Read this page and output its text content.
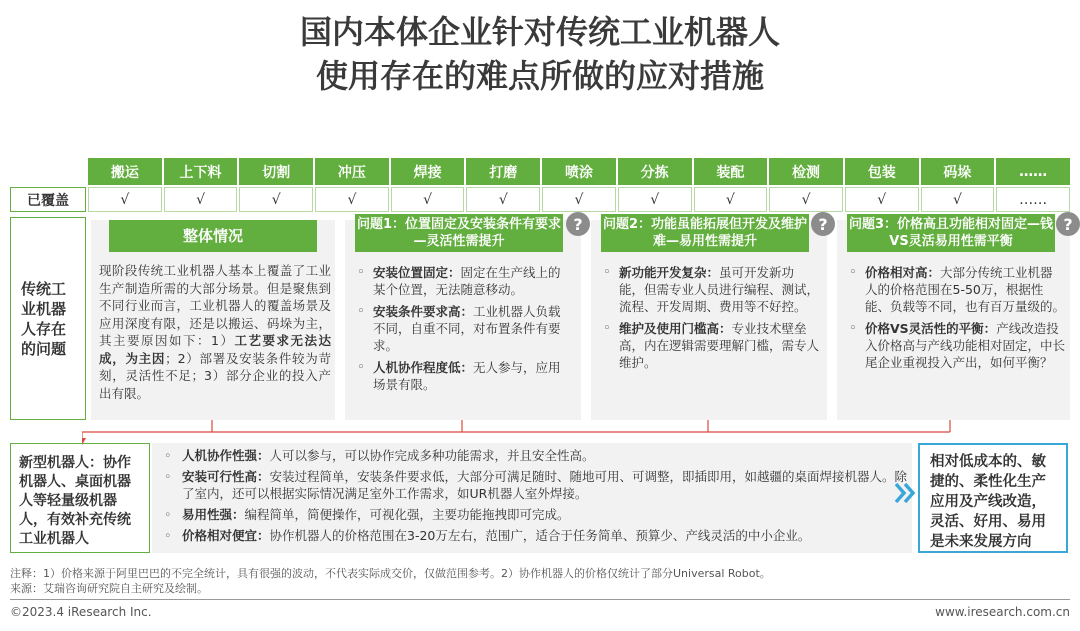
国内本体企业针对传统工业机器人
使用存在的难点所做的应对措施
搬运	上下料	切割	冲压	焊接	打磨	喷涂	分拣	装配	检测	包装	码垛	……
已覆盖	√	√	√	√	√	√	√	√	√	√	√	√	……
传统工业机器人存在的问题
整体情况
现阶段传统工业机器人基本上覆盖了工业生产制造所需的大部分场景。但是聚焦到不同行业而言，工业机器人的覆盖场景及应用深度有限，还是以搬运、码垛为主，其主要原因如下：1）工艺要求无法达成，为主因；2）部署及安装条件较为苛刻，灵活性不足；3）部分企业的投入产出有限。
问题1：位置固定及安装条件有要求—灵活性需提升
?
◦ 安装位置固定：固定在生产线上的某个位置，无法随意移动。
◦ 安装条件要求高：工业机器人负载不同，自重不同，对布置条件有要求。
◦ 人机协作程度低：无人参与，应用场景有限。
问题2：功能虽能拓展但开发及维护难—易用性需提升
?
◦ 新功能开发复杂：虽可开发新功能，但需专业人员进行编程、测试，流程、开发周期、费用等不好控。
◦ 维护及使用门槛高：专业技术壁垒高，内在逻辑需要理解门槛，需专人维护。
问题3：价格高且功能相对固定—钱VS灵活易用性需平衡
?
◦ 价格相对高：大部分传统工业机器人的价格范围在5-50万，根据性能、负载等不同，也有百万量级的。
◦ 价格VS灵活性的平衡：产线改造投入价格高与产线功能相对固定，中长尾企业重视投入产出，如何平衡？
新型机器人：协作机器人、桌面机器人等轻量级机器人，有效补充传统工业机器人
◦ 人机协作性强：人可以参与，可以协作完成多种功能需求，并且安全性高。
◦ 安装可行性高：安装过程简单，安装条件要求低，大部分可满足随时、随地可用、可调整，即插即用，如越疆的桌面焊接机器人。除了室内，还可以根据实际情况满足室外工作需求，如UR机器人室外焊接。
◦ 易用性强：编程简单，简便操作，可视化强，主要功能拖拽即可完成。
◦ 价格相对便宜：协作机器人的价格范围在3-20万左右，范围广，适合于任务简单、预算少、产线灵活的中小企业。
相对低成本的、敏捷的、柔性化生产应用及产线改造，灵活、好用、易用是未来发展方向
注释：1）价格来源于阿里巴巴的不完全统计，具有很强的波动，不代表实际成交价，仅做范围参考。2）协作机器人的价格仅统计了部分Universal Robot。
来源：艾瑞咨询研究院自主研究及绘制。
©2023.4 iResearch Inc.	www.iresearch.com.cn
